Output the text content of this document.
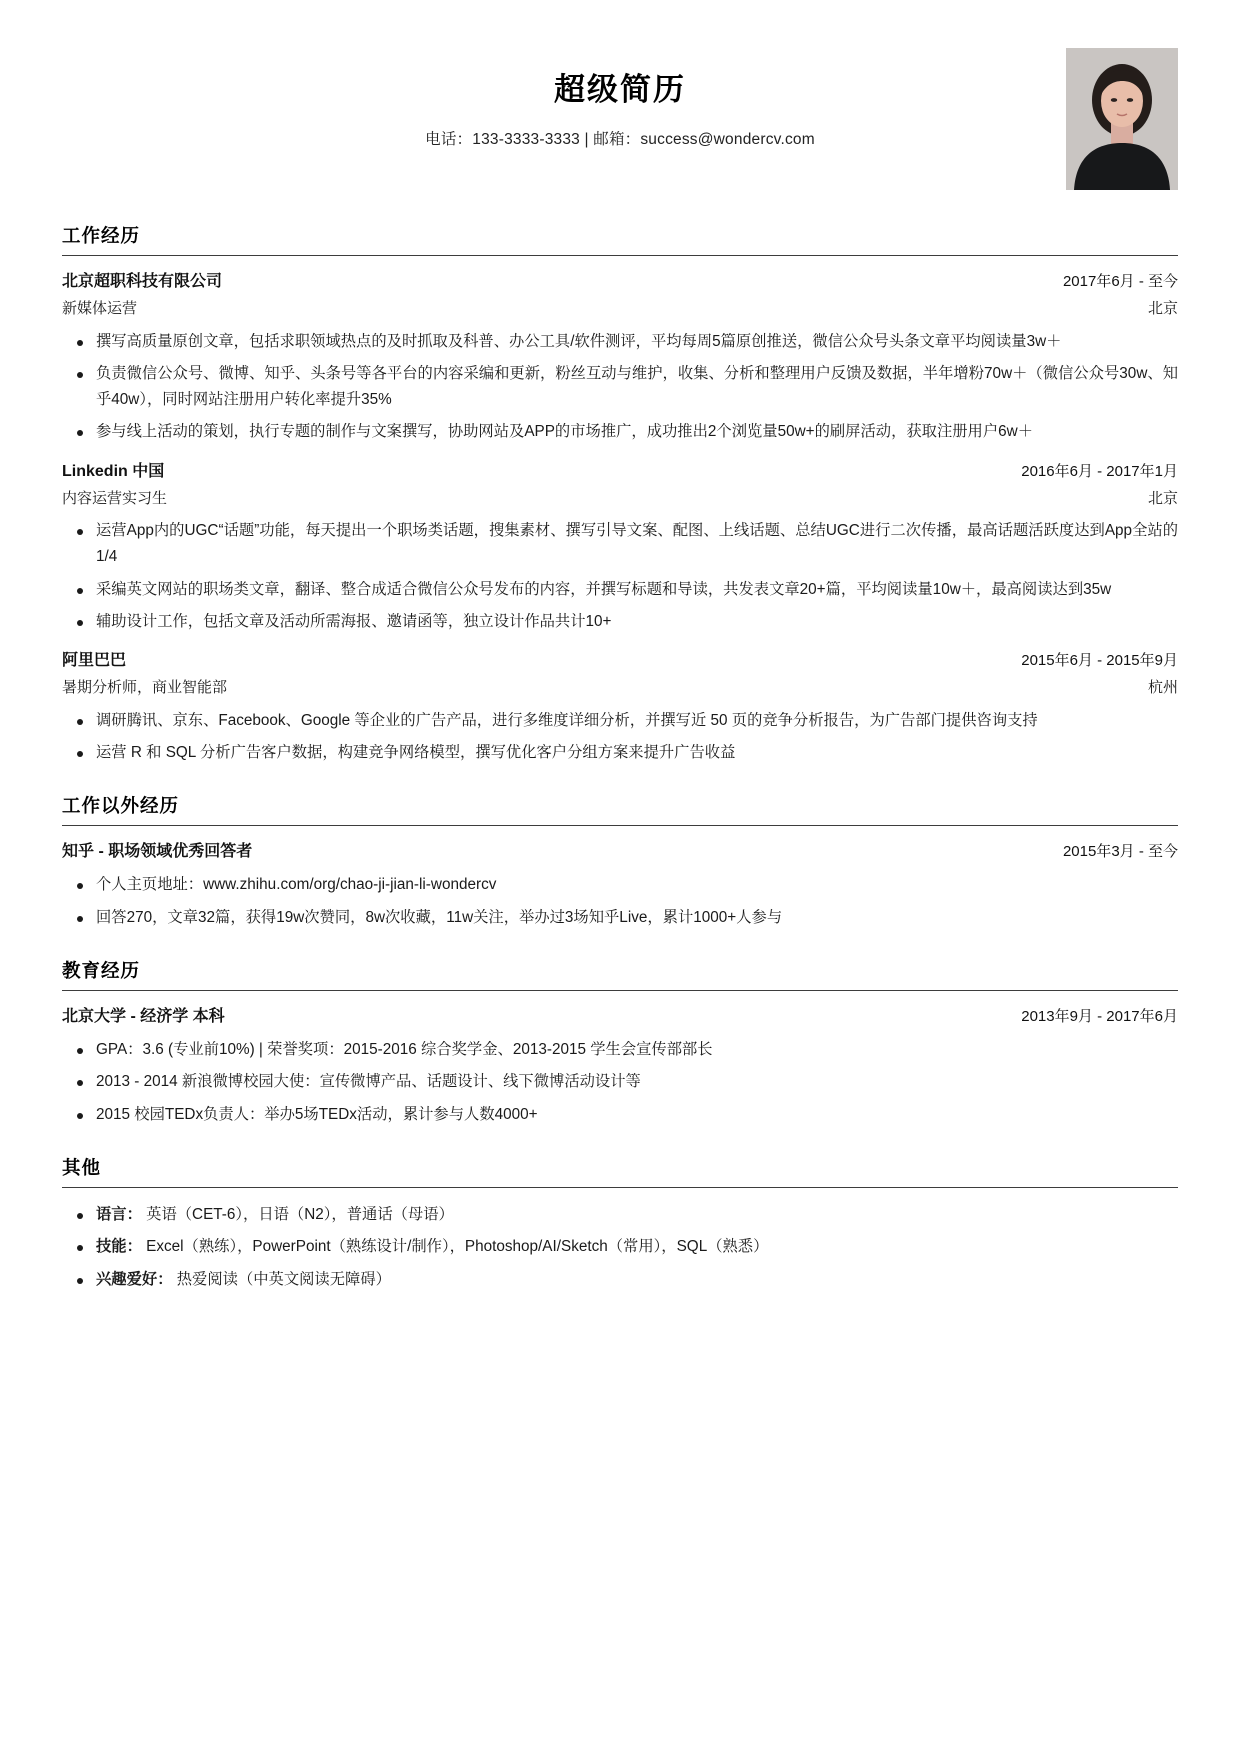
超级简历
电话：133-3333-3333 | 邮箱：success@wondercv.com
工作经历
北京超职科技有限公司	2017年6月 - 至今
新媒体运营	北京
撰写高质量原创文章，包括求职领域热点的及时抓取及科普、办公工具/软件测评，平均每周5篇原创推送，微信公众号头条文章平均阅读量3w＋
负责微信公众号、微博、知乎、头条号等各平台的内容采编和更新，粉丝互动与维护，收集、分析和整理用户反馈及数据，半年增粉70w＋（微信公众号30w、知乎40w），同时网站注册用户转化率提升35%
参与线上活动的策划，执行专题的制作与文案撰写，协助网站及APP的市场推广，成功推出2个浏览量50w+的刷屏活动，获取注册用户6w＋
Linkedin 中国	2016年6月 - 2017年1月
内容运营实习生	北京
运营App内的UGC“话题”功能，每天提出一个职场类话题，搜集素材、撰写引导文案、配图、上线话题、总结UGC进行二次传播，最高话题活跃度达到App全站的1/4
采编英文网站的职场类文章，翻译、整合成适合微信公众号发布的内容，并撰写标题和导读，共发表文章20+篇，平均阅读量10w＋，最高阅读达到35w
辅助设计工作，包括文章及活动所需海报、邀请函等，独立设计作品共计10+
阿里巴巴	2015年6月 - 2015年9月
暑期分析师，商业智能部	杭州
调研腾讯、京东、Facebook、Google 等企业的广告产品，进行多维度详细分析，并撰写近 50 页的竞争分析报告，为广告部门提供咨询支持
运营 R 和 SQL 分析广告客户数据，构建竞争网络模型，撰写优化客户分组方案来提升广告收益
工作以外经历
知乎 - 职场领域优秀回答者	2015年3月 - 至今
个人主页地址：www.zhihu.com/org/chao-ji-jian-li-wondercv
回答270，文章32篇，获得19w次赞同，8w次收藏，11w关注，举办过3场知乎Live，累计1000+人参与
教育经历
北京大学 - 经济学 本科	2013年9月 - 2017年6月
GPA：3.6 (专业前10%) | 荣誉奖项：2015-2016 综合奖学金、2013-2015 学生会宣传部部长
2013 - 2014 新浪微博校园大使：宣传微博产品、话题设计、线下微博活动设计等
2015 校园TEDx负责人：举办5场TEDx活动，累计参与人数4000+
其他
语言： 英语（CET-6），日语（N2），普通话（母语）
技能： Excel（熟练），PowerPoint（熟练设计/制作），Photoshop/AI/Sketch（常用），SQL（熟悉）
兴趣爱好： 热爱阅读（中英文阅读无障碍）
